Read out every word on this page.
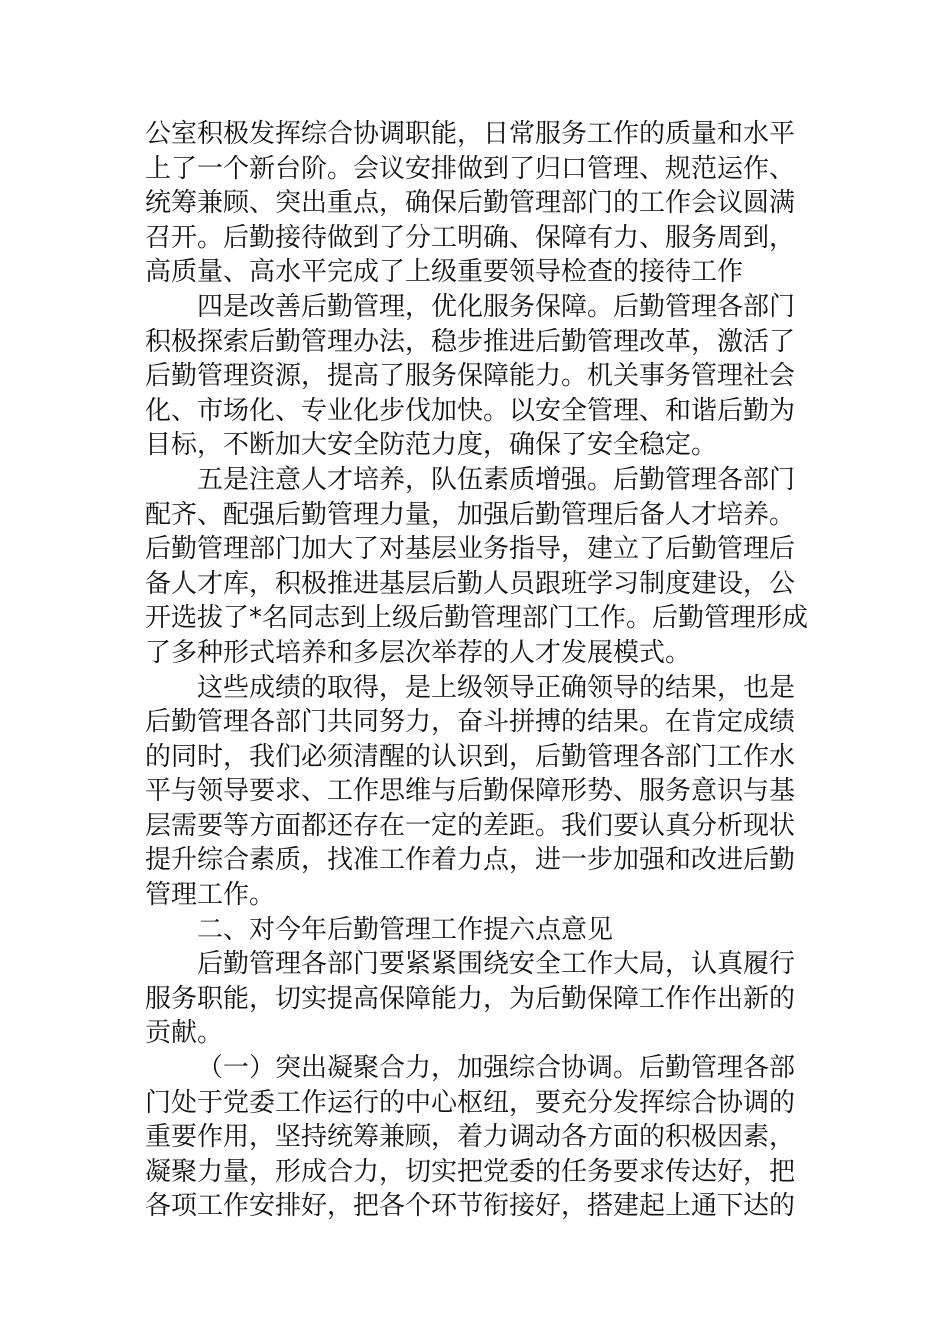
公室积极发挥综合协调职能，日常服务工作的质量和水平
上了一个新台阶。会议安排做到了归口管理、规范运作、
统筹兼顾、突出重点，确保后勤管理部门的工作会议圆满
召开。后勤接待做到了分工明确、保障有力、服务周到，
高质量、高水平完成了上级重要领导检查的接待工作
四是改善后勤管理，优化服务保障。后勤管理各部门
积极探索后勤管理办法，稳步推进后勤管理改革，激活了
后勤管理资源，提高了服务保障能力。机关事务管理社会
化、市场化、专业化步伐加快。以安全管理、和谐后勤为
目标，不断加大安全防范力度，确保了安全稳定。
五是注意人才培养，队伍素质增强。后勤管理各部门
配齐、配强后勤管理力量，加强后勤管理后备人才培养。
后勤管理部门加大了对基层业务指导，建立了后勤管理后
备人才库，积极推进基层后勤人员跟班学习制度建设，公
开选拔了*名同志到上级后勤管理部门工作。后勤管理形成
了多种形式培养和多层次举荐的人才发展模式。
这些成绩的取得，是上级领导正确领导的结果，也是
后勤管理各部门共同努力，奋斗拼搏的结果。在肯定成绩
的同时，我们必须清醒的认识到，后勤管理各部门工作水
平与领导要求、工作思维与后勤保障形势、服务意识与基
层需要等方面都还存在一定的差距。我们要认真分析现状
提升综合素质，找准工作着力点，进一步加强和改进后勤
管理工作。
二、对今年后勤管理工作提六点意见
后勤管理各部门要紧紧围绕安全工作大局，认真履行
服务职能，切实提高保障能力，为后勤保障工作作出新的
贡献。
（一）突出凝聚合力，加强综合协调。后勤管理各部
门处于党委工作运行的中心枢纽，要充分发挥综合协调的
重要作用，坚持统筹兼顾，着力调动各方面的积极因素，
凝聚力量，形成合力，切实把党委的任务要求传达好，把
各项工作安排好，把各个环节衔接好，搭建起上通下达的
